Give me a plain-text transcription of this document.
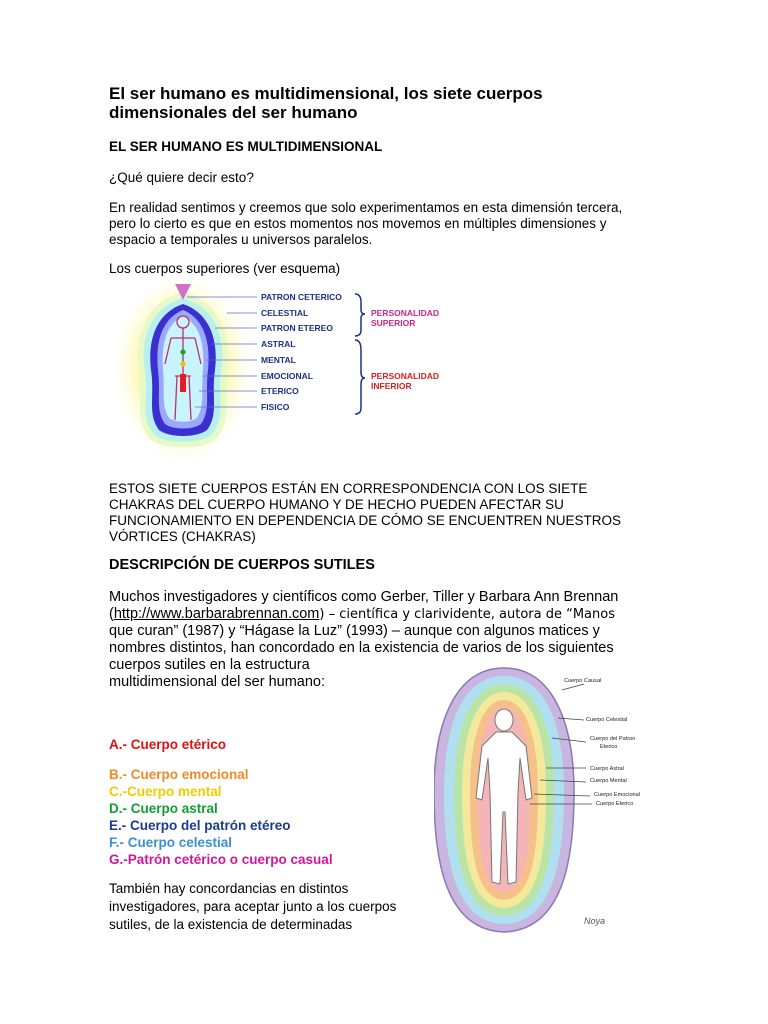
El ser humano es multidimensional, los siete cuerpos
dimensionales del ser humano
EL SER HUMANO ES MULTIDIMENSIONAL
¿Qué quiere decir esto?
En realidad sentimos y creemos que solo experimentamos en esta dimensión tercera,
pero lo cierto es que en estos momentos nos movemos en múltiples dimensiones y
espacio a temporales u universos paralelos.
Los cuerpos superiores (ver esquema)
PATRON CETERICO
CELESTIAL
PATRON ETEREO
ASTRAL
MENTAL
EMOCIONAL
ETERICO
FISICO
PERSONALIDAD
SUPERIOR
PERSONALIDAD
INFERIOR
ESTOS SIETE CUERPOS ESTÁN EN CORRESPONDENCIA CON LOS SIETE
CHAKRAS DEL CUERPO HUMANO Y DE HECHO PUEDEN AFECTAR SU
FUNCIONAMIENTO EN DEPENDENCIA DE CÓMO SE ENCUENTREN NUESTROS
VÓRTICES (CHAKRAS)
DESCRIPCIÓN DE CUERPOS SUTILES
Muchos investigadores y científicos como Gerber, Tiller y Barbara Ann Brennan
(http://www.barbarabrennan.com) – científica y clarividente, autora de “Manos
que curan” (1987) y “Hágase la Luz” (1993) – aunque con algunos matices y
nombres distintos, han concordado en la existencia de varios de los siguientes
cuerpos sutiles en la estructura
multidimensional del ser humano:
A.- Cuerpo etérico
B.- Cuerpo emocional
C.-Cuerpo mental
D.- Cuerpo astral
E.- Cuerpo del patrón etéreo
F.- Cuerpo celestial
G.-Patrón cetérico o cuerpo casual
También hay concordancias en distintos
investigadores, para aceptar junto a los cuerpos
sutiles, de la existencia de determinadas
Cuerpo Causal
Cuerpo Celestial
Cuerpo del Patron
Eterico
Cuerpo Astral
Cuerpo Mental
Cuerpo Emocional
Cuerpo Eterico
Noya
